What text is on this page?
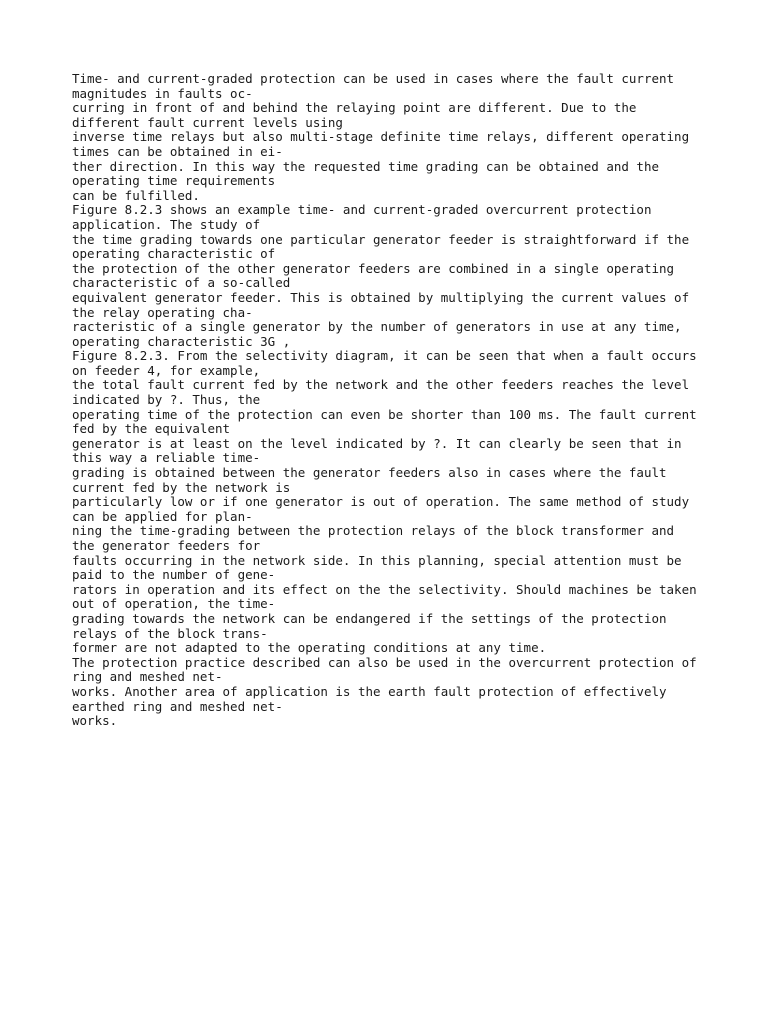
Time- and current-graded protection can be used in cases where the fault current
magnitudes in faults oc-
curring in front of and behind the relaying point are different. Due to the
different fault current levels using
inverse time relays but also multi-stage definite time relays, different operating
times can be obtained in ei-
ther direction. In this way the requested time grading can be obtained and the
operating time requirements
can be fulfilled.
Figure 8.2.3 shows an example time- and current-graded overcurrent protection
application. The study of
the time grading towards one particular generator feeder is straightforward if the
operating characteristic of
the protection of the other generator feeders are combined in a single operating
characteristic of a so-called
equivalent generator feeder. This is obtained by multiplying the current values of
the relay operating cha-
racteristic of a single generator by the number of generators in use at any time,
operating characteristic 3G ,
Figure 8.2.3. From the selectivity diagram, it can be seen that when a fault occurs
on feeder 4, for example,
the total fault current fed by the network and the other feeders reaches the level
indicated by ?. Thus, the
operating time of the protection can even be shorter than 100 ms. The fault current
fed by the equivalent
generator is at least on the level indicated by ?. It can clearly be seen that in
this way a reliable time-
grading is obtained between the generator feeders also in cases where the fault
current fed by the network is
particularly low or if one generator is out of operation. The same method of study
can be applied for plan-
ning the time-grading between the protection relays of the block transformer and
the generator feeders for
faults occurring in the network side. In this planning, special attention must be
paid to the number of gene-
rators in operation and its effect on the the selectivity. Should machines be taken
out of operation, the time-
grading towards the network can be endangered if the settings of the protection
relays of the block trans-
former are not adapted to the operating conditions at any time.
The protection practice described can also be used in the overcurrent protection of
ring and meshed net-
works. Another area of application is the earth fault protection of effectively
earthed ring and meshed net-
works.
